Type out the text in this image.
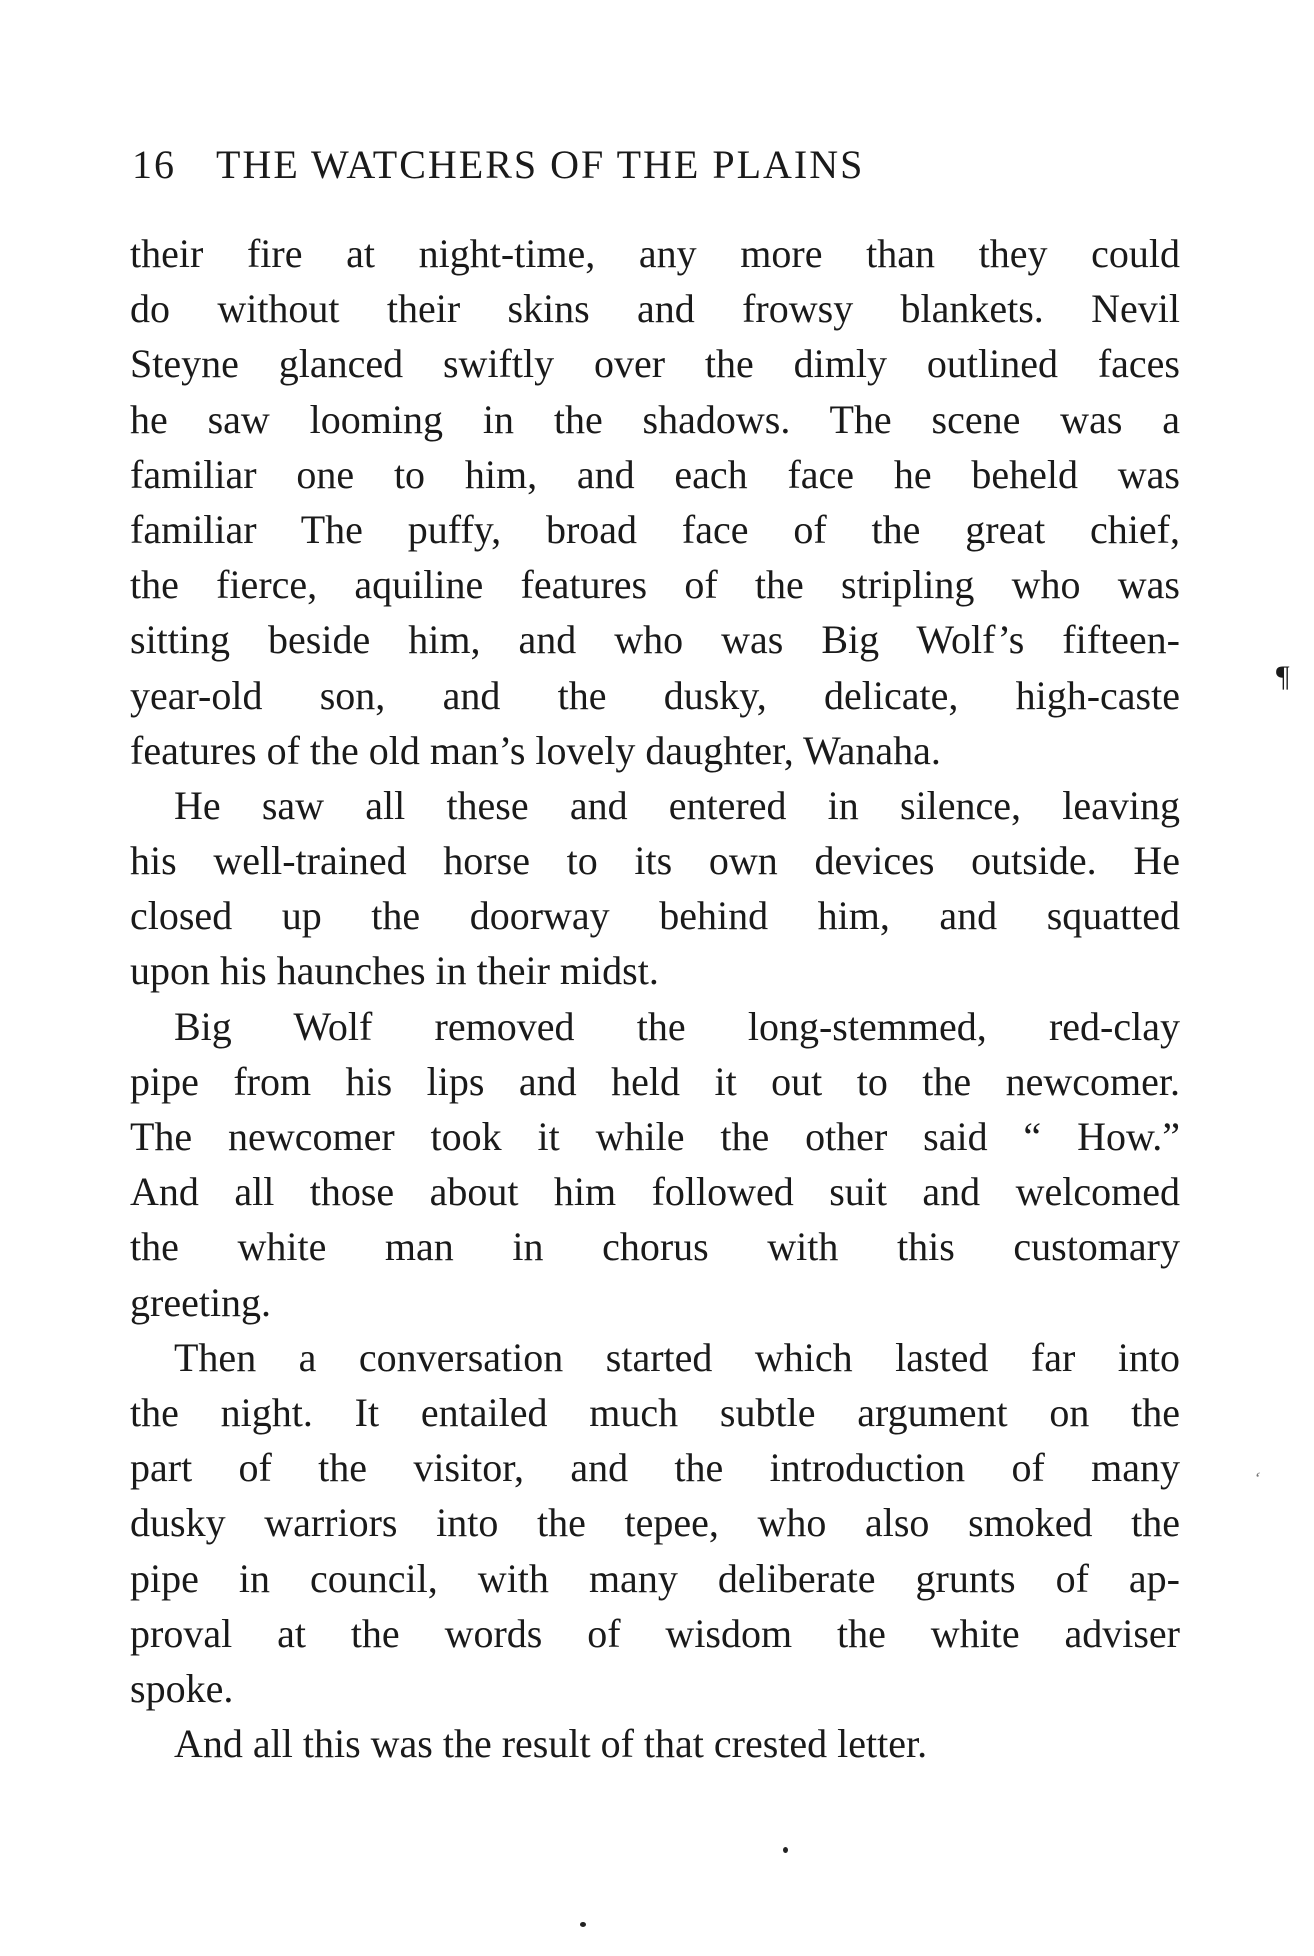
16 THE WATCHERS OF THE PLAINS
their fire at night-time, any more than they could
do without their skins and frowsy blankets. Nevil
Steyne glanced swiftly over the dimly outlined faces
he saw looming in the shadows. The scene was a
familiar one to him, and each face he beheld was
familiar The puffy, broad face of the great chief,
the fierce, aquiline features of the stripling who was
sitting beside him, and who was Big Wolf’s fifteen-
year-old son, and the dusky, delicate, high-caste
features of the old man’s lovely daughter, Wanaha.
He saw all these and entered in silence, leaving
his well-trained horse to its own devices outside. He
closed up the doorway behind him, and squatted
upon his haunches in their midst.
Big Wolf removed the long-stemmed, red-clay
pipe from his lips and held it out to the newcomer.
The newcomer took it while the other said “ How.”
And all those about him followed suit and welcomed
the white man in chorus with this customary
greeting.
Then a conversation started which lasted far into
the night. It entailed much subtle argument on the
part of the visitor, and the introduction of many
dusky warriors into the tepee, who also smoked the
pipe in council, with many deliberate grunts of ap-
proval at the words of wisdom the white adviser
spoke.
And all this was the result of that crested letter.
¶
ʻ
